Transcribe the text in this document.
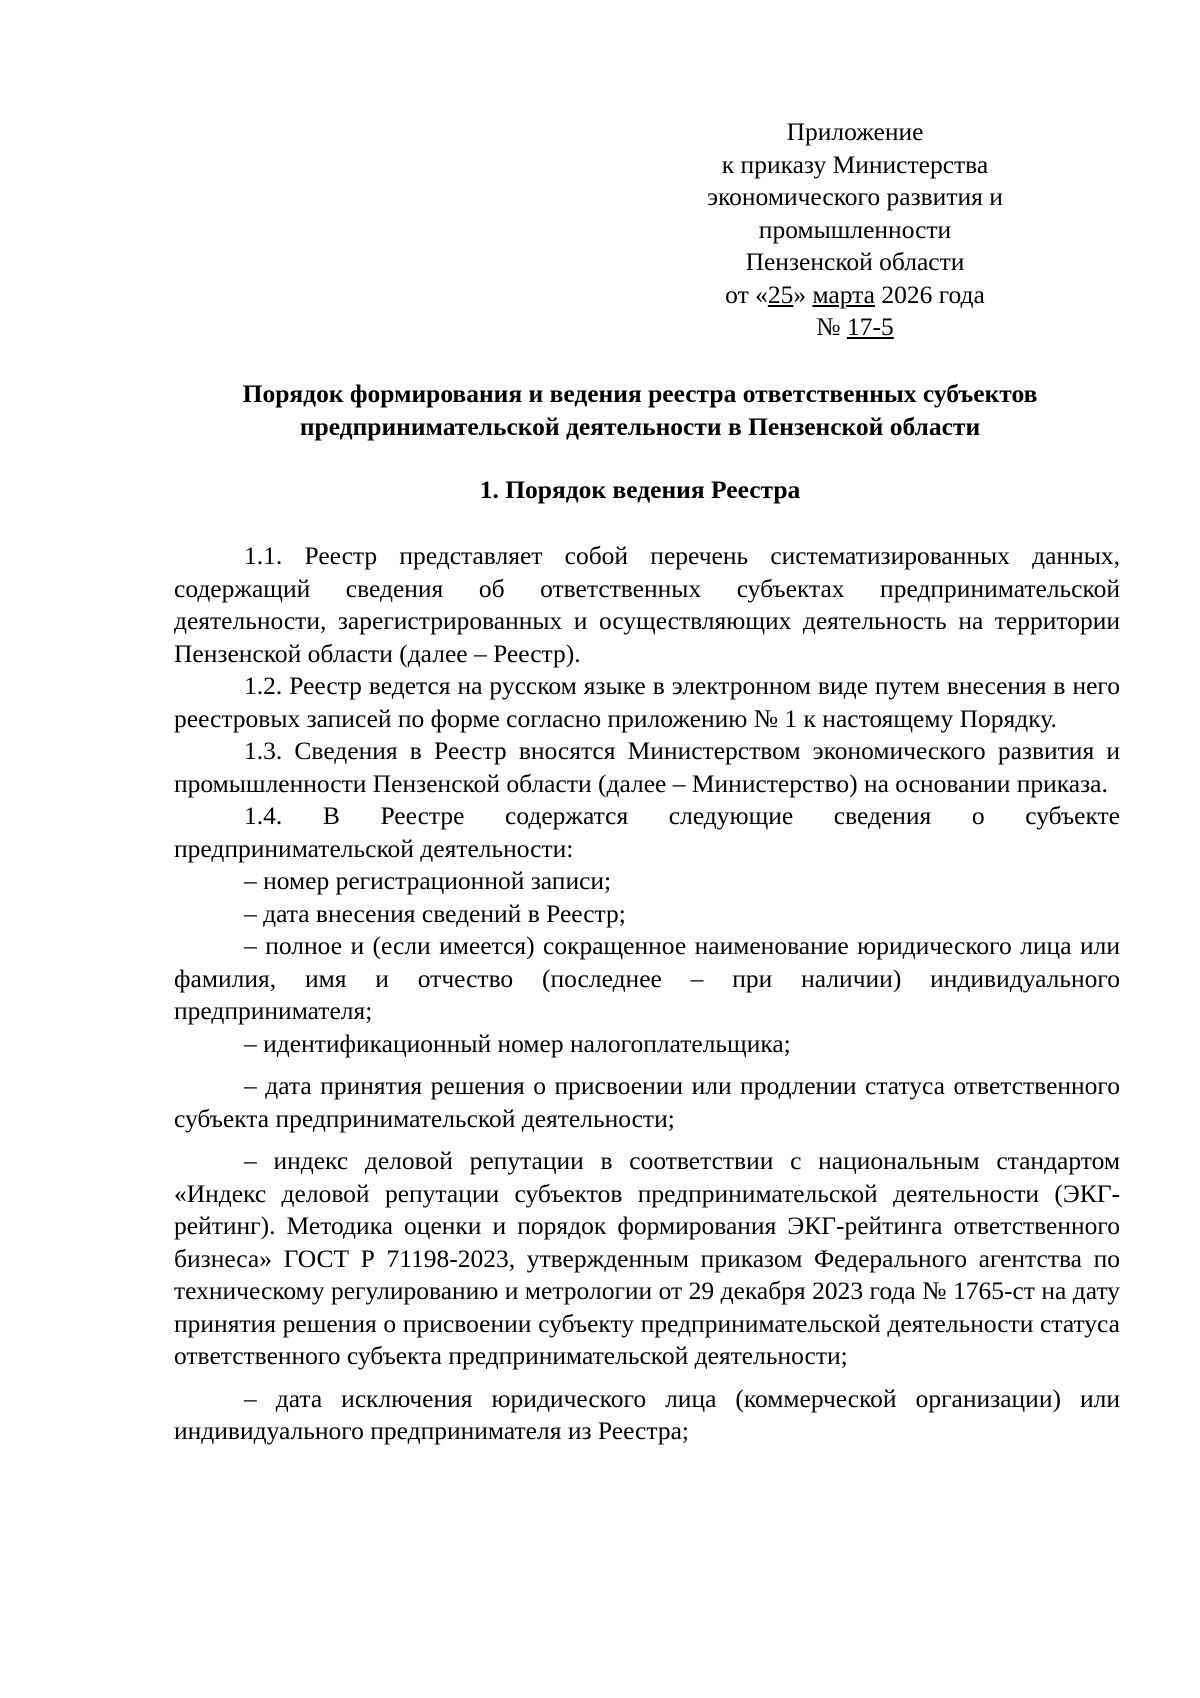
Приложение
к приказу Министерства
экономического развития и
промышленности
Пензенской области
от «25» марта 2026 года
№ 17-5
Порядок формирования и ведения реестра ответственных субъектов
предпринимательской деятельности в Пензенской области
1. Порядок ведения Реестра

1.1. Реестр представляет собой перечень систематизированных данных, содержащий сведения об ответственных субъектах предпринимательской деятельности, зарегистрированных и осуществляющих деятельность на территории Пензенской области (далее – Реестр).

1.2. Реестр ведется на русском языке в электронном виде путем внесения в него реестровых записей по форме согласно приложению № 1 к настоящему Порядку.

1.3. Сведения в Реестр вносятся Министерством экономического развития и промышленности Пензенской области (далее – Министерство) на основании приказа.

1.4. В Реестре содержатся следующие сведения о субъекте предпринимательской деятельности:

– номер регистрационной записи;

– дата внесения сведений в Реестр;

– полное и (если имеется) сокращенное наименование юридического лица или фамилия, имя и отчество (последнее – при наличии) индивидуального предпринимателя;

– идентификационный номер налогоплательщика;

– дата принятия решения о присвоении или продлении статуса ответственного субъекта предпринимательской деятельности;

– индекс деловой репутации в соответствии с национальным стандартом «Индекс деловой репутации субъектов предпринимательской деятельности (ЭКГ-рейтинг). Методика оценки и порядок формирования ЭКГ-рейтинга ответственного бизнеса» ГОСТ Р 71198-2023, утвержденным приказом Федерального агентства по техническому регулированию и метрологии от 29 декабря 2023 года № 1765-ст на дату принятия решения о присвоении субъекту предпринимательской деятельности статуса ответственного субъекта предпринимательской деятельности;

– дата исключения юридического лица (коммерческой организации) или индивидуального предпринимателя из Реестра;
